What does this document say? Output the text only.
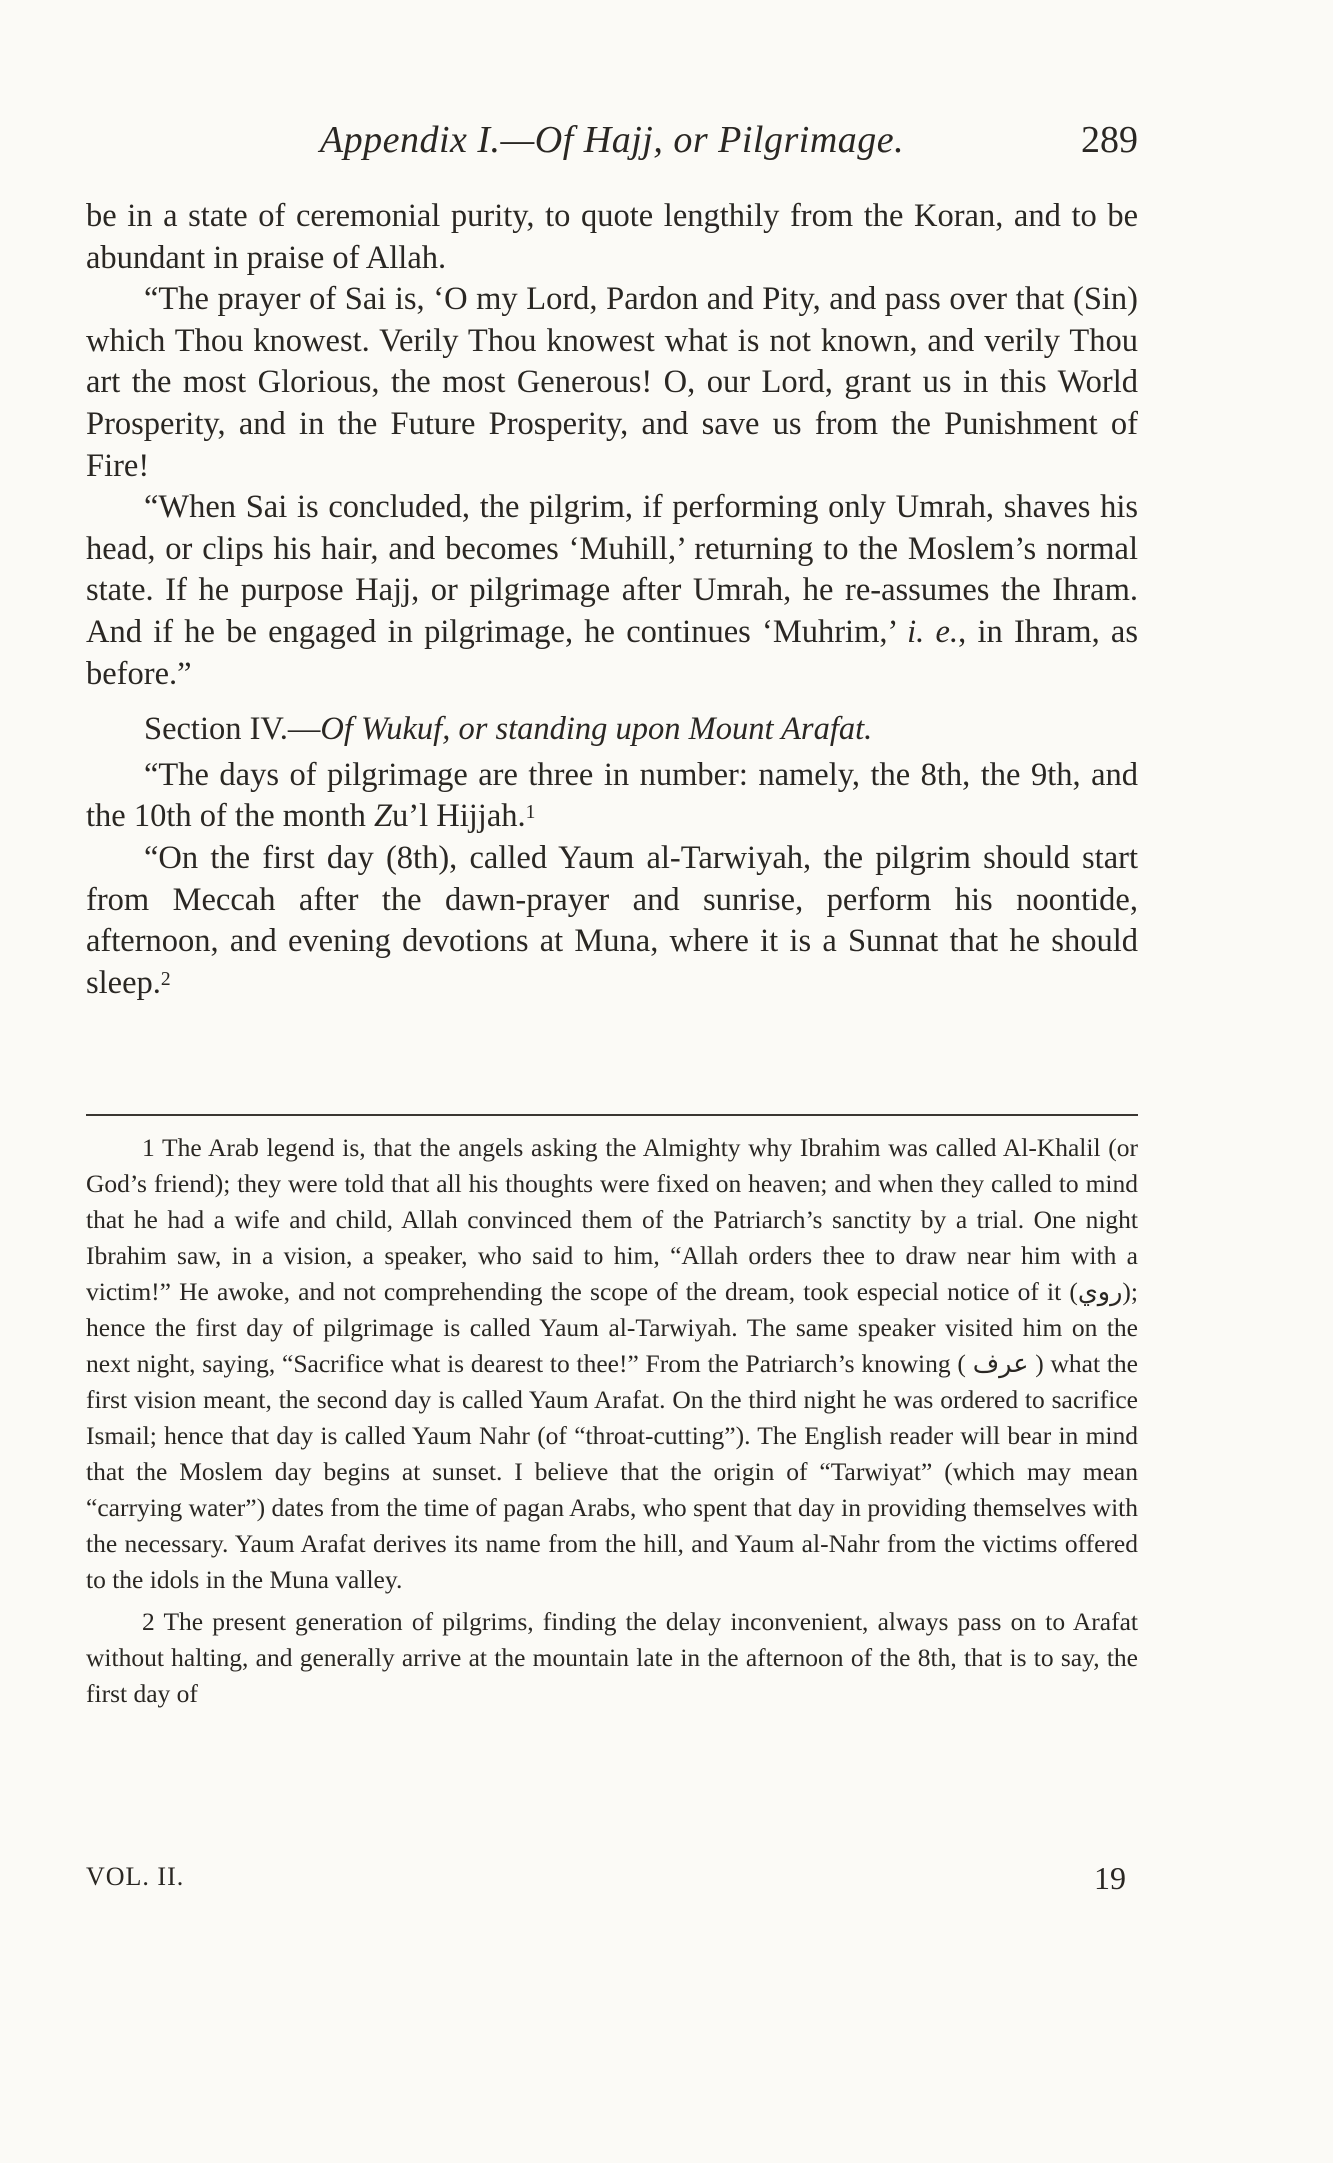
Appendix I.—Of Hajj, or Pilgrimage.	289

be in a state of ceremonial purity, to quote lengthily from the Koran, and to be abundant in praise of Allah.

“The prayer of Sai is, ‘O my Lord, Pardon and Pity, and pass over that (Sin) which Thou knowest. Verily Thou knowest what is not known, and verily Thou art the most Glorious, the most Generous! O, our Lord, grant us in this World Prosperity, and in the Future Prosperity, and save us from the Punishment of Fire!

“When Sai is concluded, the pilgrim, if performing only Umrah, shaves his head, or clips his hair, and becomes ‘Muhill,’ returning to the Moslem’s normal state. If he purpose Hajj, or pilgrimage after Umrah, he re-assumes the Ihram. And if he be engaged in pilgrimage, he continues ‘Muhrim,’ i. e., in Ihram, as before.”

Section IV.—Of Wukuf, or standing upon Mount Arafat.

“The days of pilgrimage are three in number: namely, the 8th, the 9th, and the 10th of the month Zu’l Hijjah.$^1$

“On the first day (8th), called Yaum al-Tarwiyah, the pilgrim should start from Meccah after the dawn-prayer and sunrise, perform his noontide, afternoon, and evening devotions at Muna, where it is a Sunnat that he should sleep.$^2$

1 The Arab legend is, that the angels asking the Almighty why Ibrahim was called Al-Khalil (or God’s friend); they were told that all his thoughts were fixed on heaven; and when they called to mind that he had a wife and child, Allah convinced them of the Patriarch’s sanctity by a trial. One night Ibrahim saw, in a vision, a speaker, who said to him, “Allah orders thee to draw near him with a victim!” He awoke, and not comprehending the scope of the dream, took especial notice of it (روي); hence the first day of pilgrimage is called Yaum al-Tarwiyah. The same speaker visited him on the next night, saying, “Sacrifice what is dearest to thee!” From the Patriarch’s knowing ( عرف ) what the first vision meant, the second day is called Yaum Arafat. On the third night he was ordered to sacrifice Ismail; hence that day is called Yaum Nahr (of “throat-cutting”). The English reader will bear in mind that the Moslem day begins at sunset. I believe that the origin of “Tarwiyat” (which may mean “carrying water”) dates from the time of pagan Arabs, who spent that day in providing themselves with the necessary. Yaum Arafat derives its name from the hill, and Yaum al-Nahr from the victims offered to the idols in the Muna valley.

2 The present generation of pilgrims, finding the delay inconvenient, always pass on to Arafat without halting, and generally arrive at the mountain late in the afternoon of the 8th, that is to say, the first day of

VOL. II.	19
